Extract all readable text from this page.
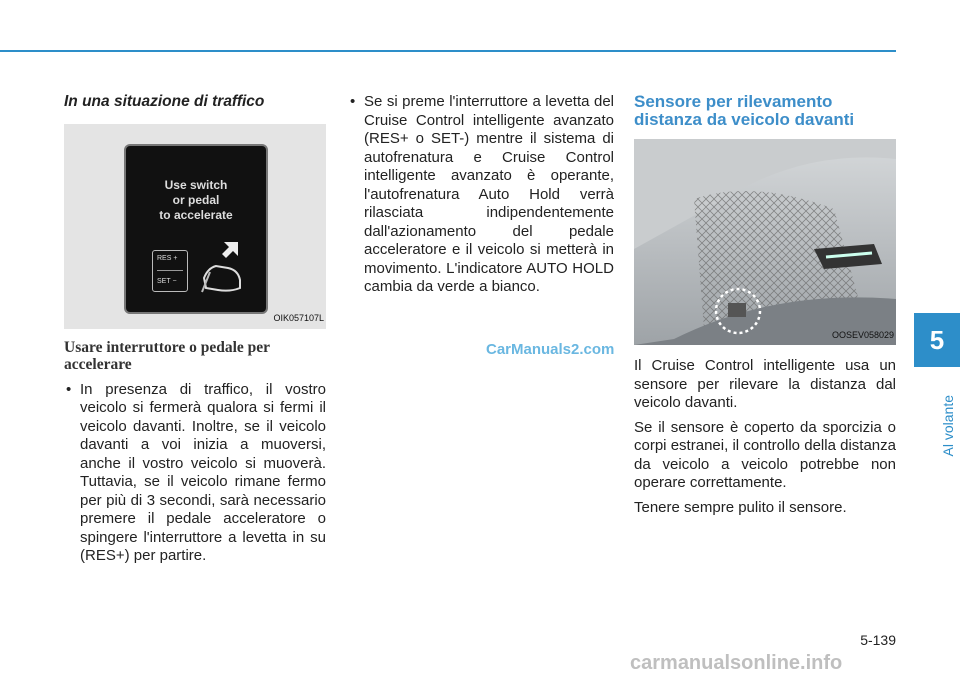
In una situazione di traffico
Use switch
or pedal
to accelerate
RES +
SET −
OIK057107L
Usare interruttore o pedale per accelerare
• In presenza di traffico, il vostro veicolo si fermerà qualora si fermi il veicolo davanti. Inoltre, se il veicolo davanti a voi inizia a muoversi, anche il vostro veicolo si muoverà. Tuttavia, se il veicolo rimane fermo per più di 3 secondi, sarà necessario premere il pedale acceleratore o spingere l'interruttore a levetta in su (RES+) per partire.
• Se si preme l'interruttore a levetta del Cruise Control intelligente avanzato (RES+ o SET-) mentre il sistema di autofrenatura e Cruise Control intelligente avanzato è operante, l'autofrenatura Auto Hold verrà rilasciata indipendentemente dall'azionamento del pedale acceleratore e il veicolo si metterà in movimento. L'indicatore AUTO HOLD cambia da verde a bianco.
Sensore per rilevamento distanza da veicolo davanti
OOSEV058029

Il Cruise Control intelligente usa un sensore per rilevare la distanza dal veicolo davanti.

Se il sensore è coperto da sporcizia o corpi estranei, il controllo della distanza da veicolo a veicolo potrebbe non operare correttamente.

Tenere sempre pulito il sensore.

5
Al volante
5-139
CarManuals2.com
carmanualsonline.info
